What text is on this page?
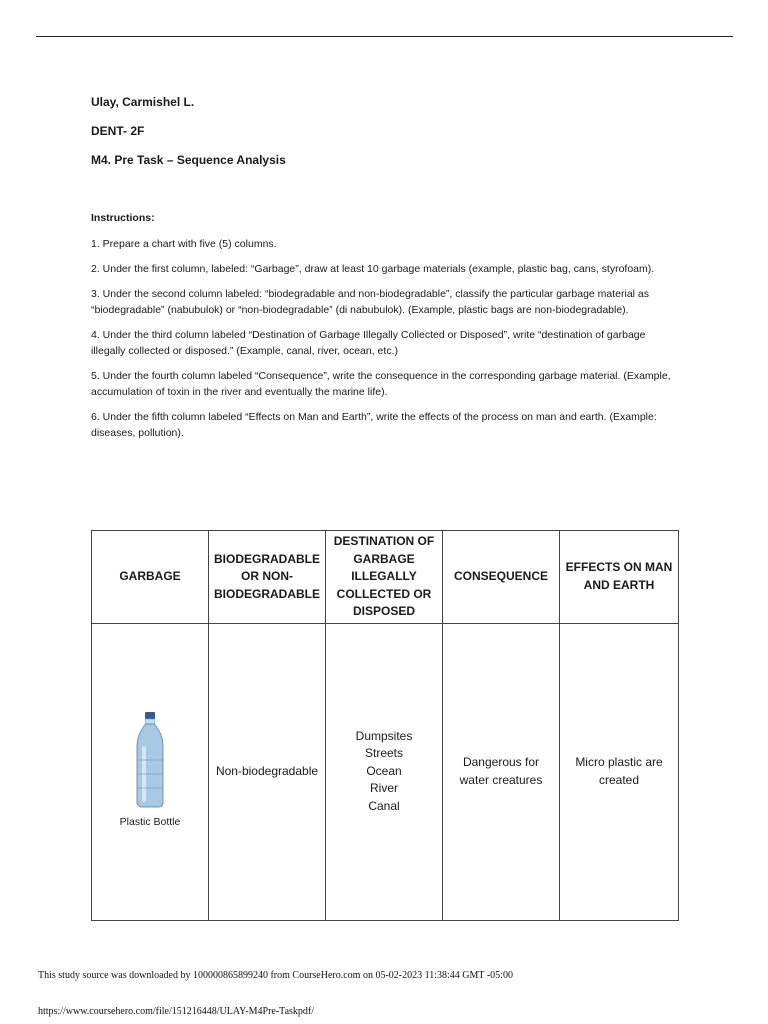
Ulay, Carmishel L.
DENT- 2F
M4. Pre Task – Sequence Analysis
Instructions:

1. Prepare a chart with five (5) columns.

2. Under the first column, labeled: “Garbage”, draw at least 10 garbage materials (example, plastic bag, cans, styrofoam).

3. Under the second column labeled: “biodegradable and non-biodegradable”, classify the particular garbage material as “biodegradable” (nabubulok) or “non-biodegradable” (di nabubulok). (Example, plastic bags are non-biodegradable).

4. Under the third column labeled “Destination of Garbage Illegally Collected or Disposed”, write “destination of garbage illegally collected or disposed.” (Example, canal, river, ocean, etc.)

5. Under the fourth column labeled “Consequence”, write the consequence in the corresponding garbage material. (Example, accumulation of toxin in the river and eventually the marine life).

6. Under the fifth column labeled “Effects on Man and Earth”, write the effects of the process on man and earth. (Example: diseases, pollution).

GARBAGE	BIODEGRADABLE OR NON-BIODEGRADABLE	DESTINATION OF GARBAGE ILLEGALLY COLLECTED OR DISPOSED	CONSEQUENCE	EFFECTS ON MAN AND EARTH

Plastic Bottle	Non-biodegradable	Dumpsites
Streets
Ocean
River
Canal	Dangerous for water creatures	Micro plastic are created
This study source was downloaded by 100000865899240 from CourseHero.com on 05-02-2023 11:38:44 GMT -05:00
https://www.coursehero.com/file/151216448/ULAY-M4Pre-Taskpdf/
